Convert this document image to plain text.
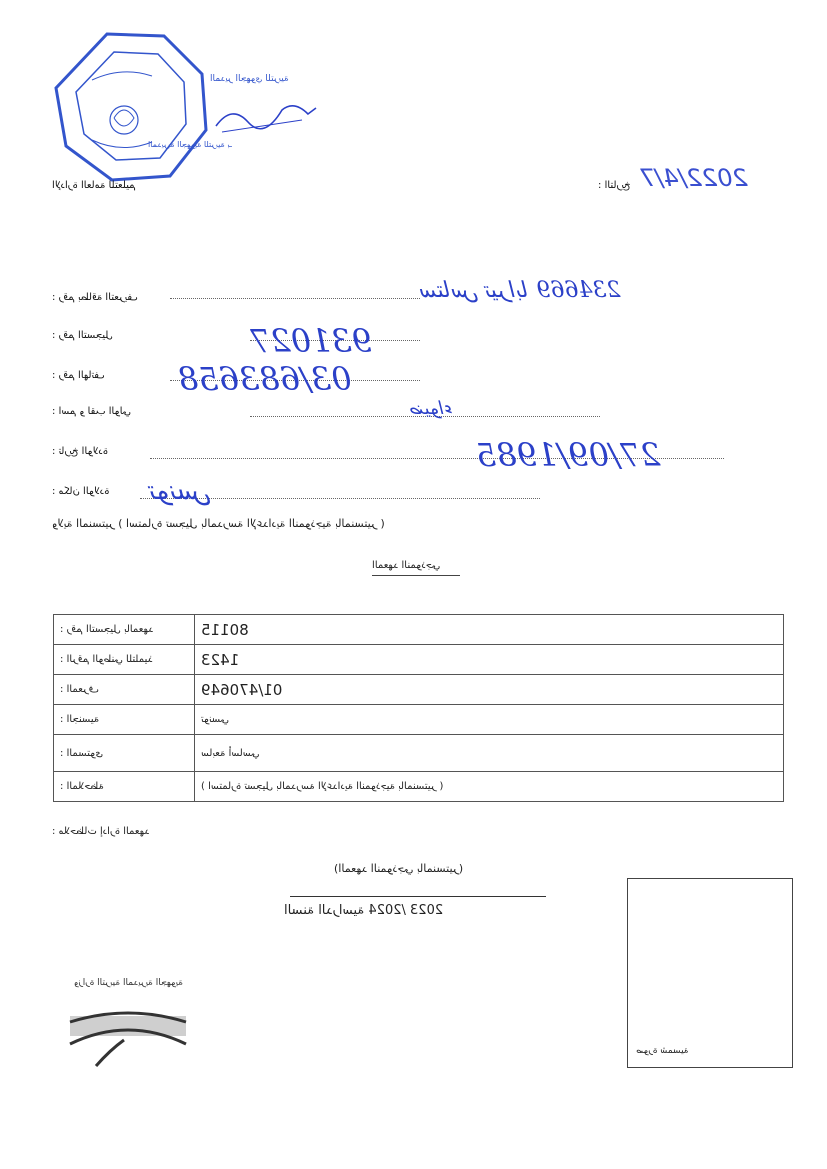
المدير الجهوي للتربية
المديرية الجهوية للتربية بـ
الإدارة العامة للتعليم	التاريخ :	2022/4/7
رقم بطاقة التعريف :	234669 ستاس تيرابا
رقم التسجيل :	931027
رقم الهاتف :	03/683658
اسم و لقب الولي :	ضيواء
تاريخ الولادة :	27/09/1985
مكان الولادة :	تونس
( استمارة تسجيل بالمدرسة الإعدادية النموذجية بالمنستير ) ولاية المنستير
المعهد النموذجي
رقم التسجيل بالمعهد :	80115
الرقم الوطني للتلميذ :	1423
المعرف :	01/470649
الجنسية :	تونسي
المستوى :	سابعة أساسي
الملاحظة :	( استمارة تسجيل بالمدرسة الإعدادية النموذجية بالمنستير )
ملاحظات إدارة المعهد :
(المعهد النموذجي بالمنستير)
2023 /2024 السنة الدراسية
صورة شمسية
وزارة التربية المديرية الجهوية
